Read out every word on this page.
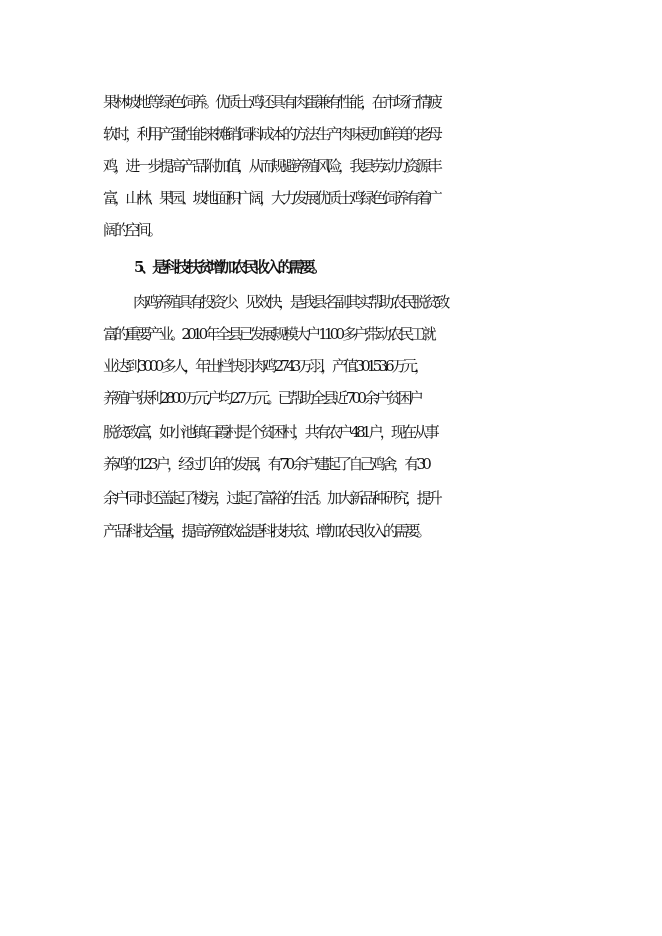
果林坡地等绿色饲养。优质土鸡还具有肉蛋兼有性能，在市场行情疲
软时，利用产蛋性能来摊销饲料成本的方法生产肉味更加鲜美的老母
鸡，进一步提高产品附加值，从而规避养殖风险，我县劳动力资源丰
富，山林、果园、坡地面积广阔，大力发展优质土鸡绿色饲养有着广
阔的空间。
5、是科技扶贫增加农民收入的需要。
肉鸡养殖具有投资少、见效快，是我县名副其实帮助农民脱贫致
富的重要产业。2010 年全县已发展规模大户 1100 多户,带动农民工就
业达到 3000 多人，年出栏快羽肉鸡 2743 万羽，产值 30153.6 万元，
养殖户获利 2800 万元,户均 2.7 万元。已帮助全县近 700 余户贫困户
脱贫致富，如小池镇石霞村是个贫困村，共有农户 481 户，现在从事
养鸡的 123 户，经过几年的发展，有 70 余户建起了自己鸡舍，有 30
余户同时还盖起了楼房，过起了富裕的生活。加大新品种研究，提升
产品科技含量，提高养殖效益是科技扶贫、增加农民收入的需要。
